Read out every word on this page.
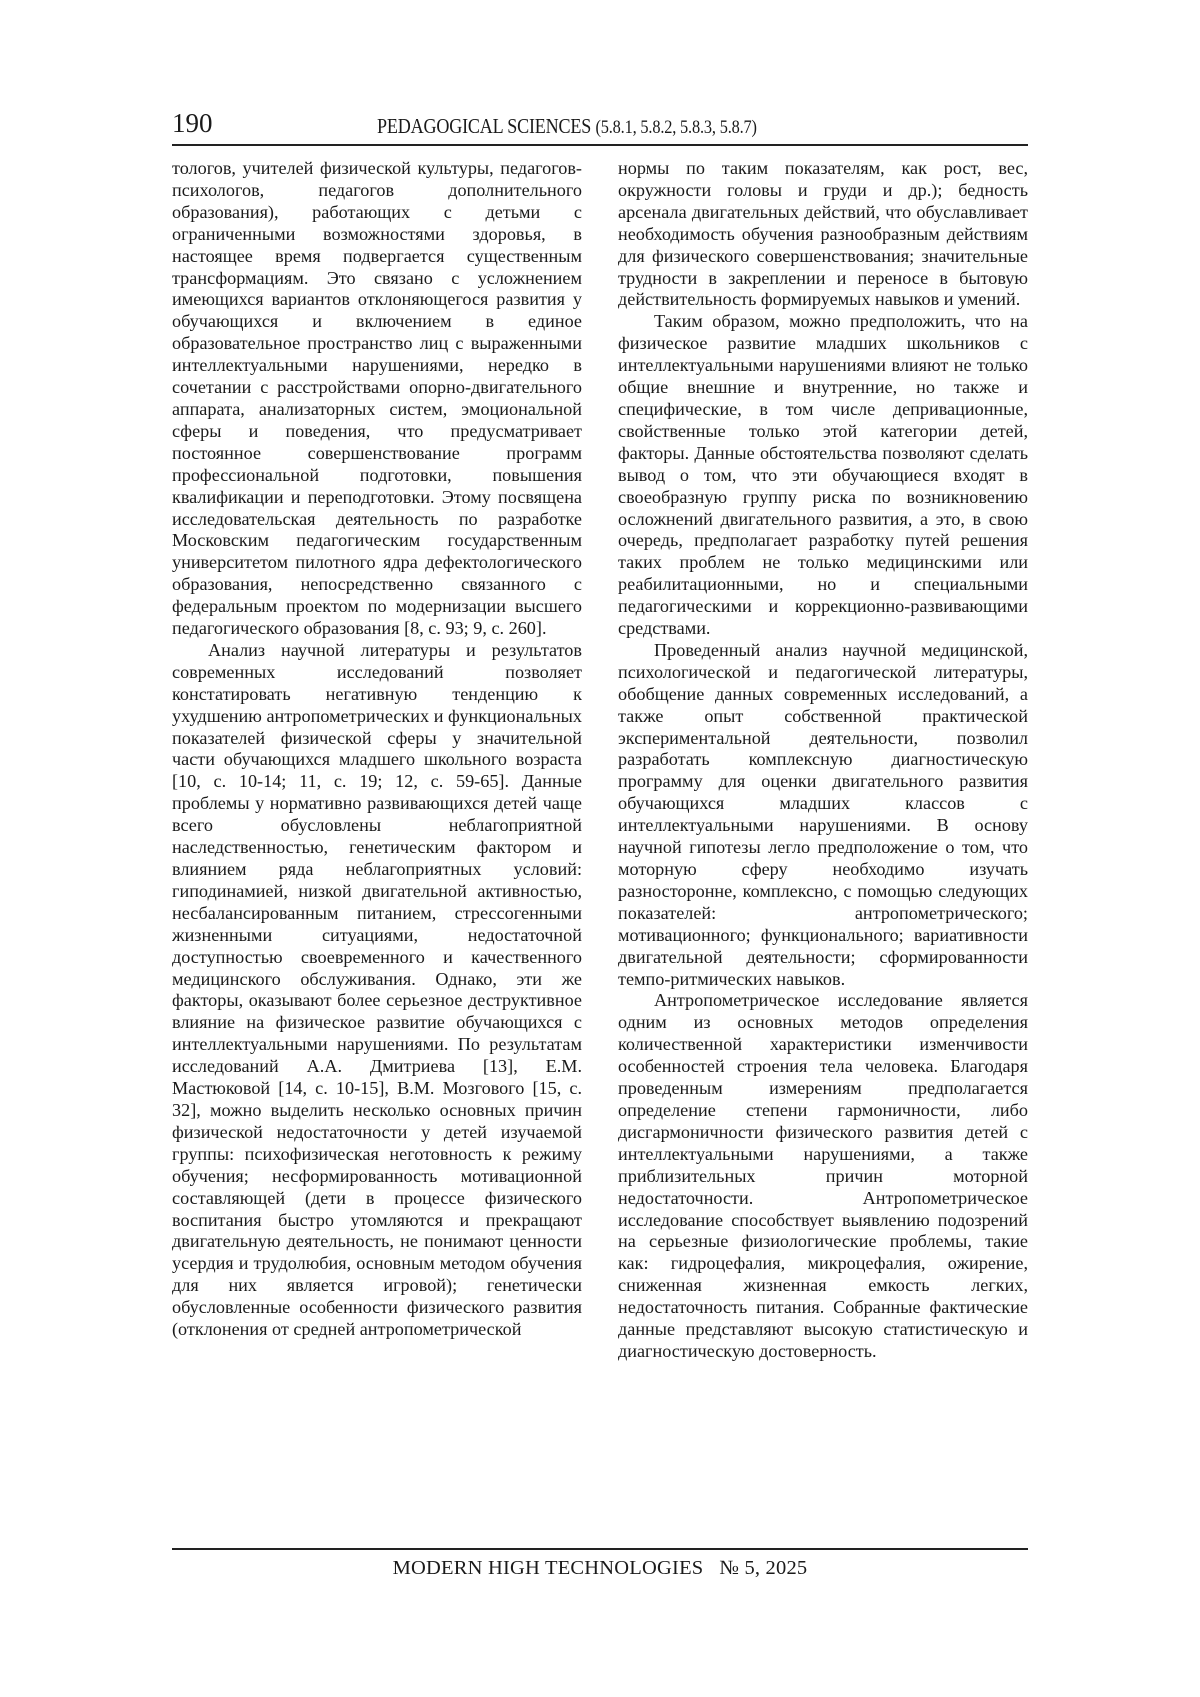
190	PEDAGOGICAL SCIENCES (5.8.1, 5.8.2, 5.8.3, 5.8.7)

тологов, учителей физической культуры, педагогов-психологов, педагогов дополнительного образования), работающих с детьми с ограниченными возможностями здоровья, в настоящее время подвергается существенным трансформациям. Это связано с усложнением имеющихся вариантов отклоняющегося развития у обучающихся и включением в единое образовательное пространство лиц с выраженными интеллектуальными нарушениями, нередко в сочетании с расстройствами опорно-двигательного аппарата, анализаторных систем, эмоциональной сферы и поведения, что предусматривает постоянное совершенствование программ профессиональной подготовки, повышения квалификации и переподготовки. Этому посвящена исследовательская деятельность по разработке Московским педагогическим государственным университетом пилотного ядра дефектологического образования, непосредственно связанного с федеральным проектом по модернизации высшего педагогического образования [8, с. 93; 9, с. 260].

Анализ научной литературы и результатов современных исследований позволяет констатировать негативную тенденцию к ухудшению антропометрических и функциональных показателей физической сферы у значительной части обучающихся младшего школьного возраста [10, с. 10-14; 11, с. 19; 12, с. 59-65]. Данные проблемы у нормативно развивающихся детей чаще всего обусловлены неблагоприятной наследственностью, генетическим фактором и влиянием ряда неблагоприятных условий: гиподинамией, низкой двигательной активностью, несбалансированным питанием, стрессогенными жизненными ситуациями, недостаточной доступностью своевременного и качественного медицинского обслуживания. Однако, эти же факторы, оказывают более серьезное деструктивное влияние на физическое развитие обучающихся с интеллектуальными нарушениями. По результатам исследований А.А. Дмитриева [13], Е.М. Мастюковой [14, с. 10-15], В.М. Мозгового [15, с. 32], можно выделить несколько основных причин физической недостаточности у детей изучаемой группы: психофизическая неготовность к режиму обучения; несформированность мотивационной составляющей (дети в процессе физического воспитания быстро утомляются и прекращают двигательную деятельность, не понимают ценности усердия и трудолюбия, основным методом обучения для них является игровой); генетически обусловленные особенности физического развития (отклонения от средней антропометрической

нормы по таким показателям, как рост, вес, окружности головы и груди и др.); бедность арсенала двигательных действий, что обуславливает необходимость обучения разнообразным действиям для физического совершенствования; значительные трудности в закреплении и переносе в бытовую действительность формируемых навыков и умений.

Таким образом, можно предположить, что на физическое развитие младших школьников с интеллектуальными нарушениями влияют не только общие внешние и внутренние, но также и специфические, в том числе депривационные, свойственные только этой категории детей, факторы. Данные обстоятельства позволяют сделать вывод о том, что эти обучающиеся входят в своеобразную группу риска по возникновению осложнений двигательного развития, а это, в свою очередь, предполагает разработку путей решения таких проблем не только медицинскими или реабилитационными, но и специальными педагогическими и коррекционно-развивающими средствами.

Проведенный анализ научной медицинской, психологической и педагогической литературы, обобщение данных современных исследований, а также опыт собственной практической экспериментальной деятельности, позволил разработать комплексную диагностическую программу для оценки двигательного развития обучающихся младших классов с интеллектуальными нарушениями. В основу научной гипотезы легло предположение о том, что моторную сферу необходимо изучать разносторонне, комплексно, с помощью следующих показателей: антропометрического; мотивационного; функционального; вариативности двигательной деятельности; сформированности темпо-ритмических навыков.

Антропометрическое исследование является одним из основных методов определения количественной характеристики изменчивости особенностей строения тела человека. Благодаря проведенным измерениям предполагается определение степени гармоничности, либо дисгармоничности физического развития детей с интеллектуальными нарушениями, а также приблизительных причин моторной недостаточности. Антропометрическое исследование способствует выявлению подозрений на серьезные физиологические проблемы, такие как: гидроцефалия, микроцефалия, ожирение, сниженная жизненная емкость легких, недостаточность питания. Собранные фактические данные представляют высокую статистическую и диагностическую достоверность.

MODERN HIGH TECHNOLOGIES   № 5, 2025
